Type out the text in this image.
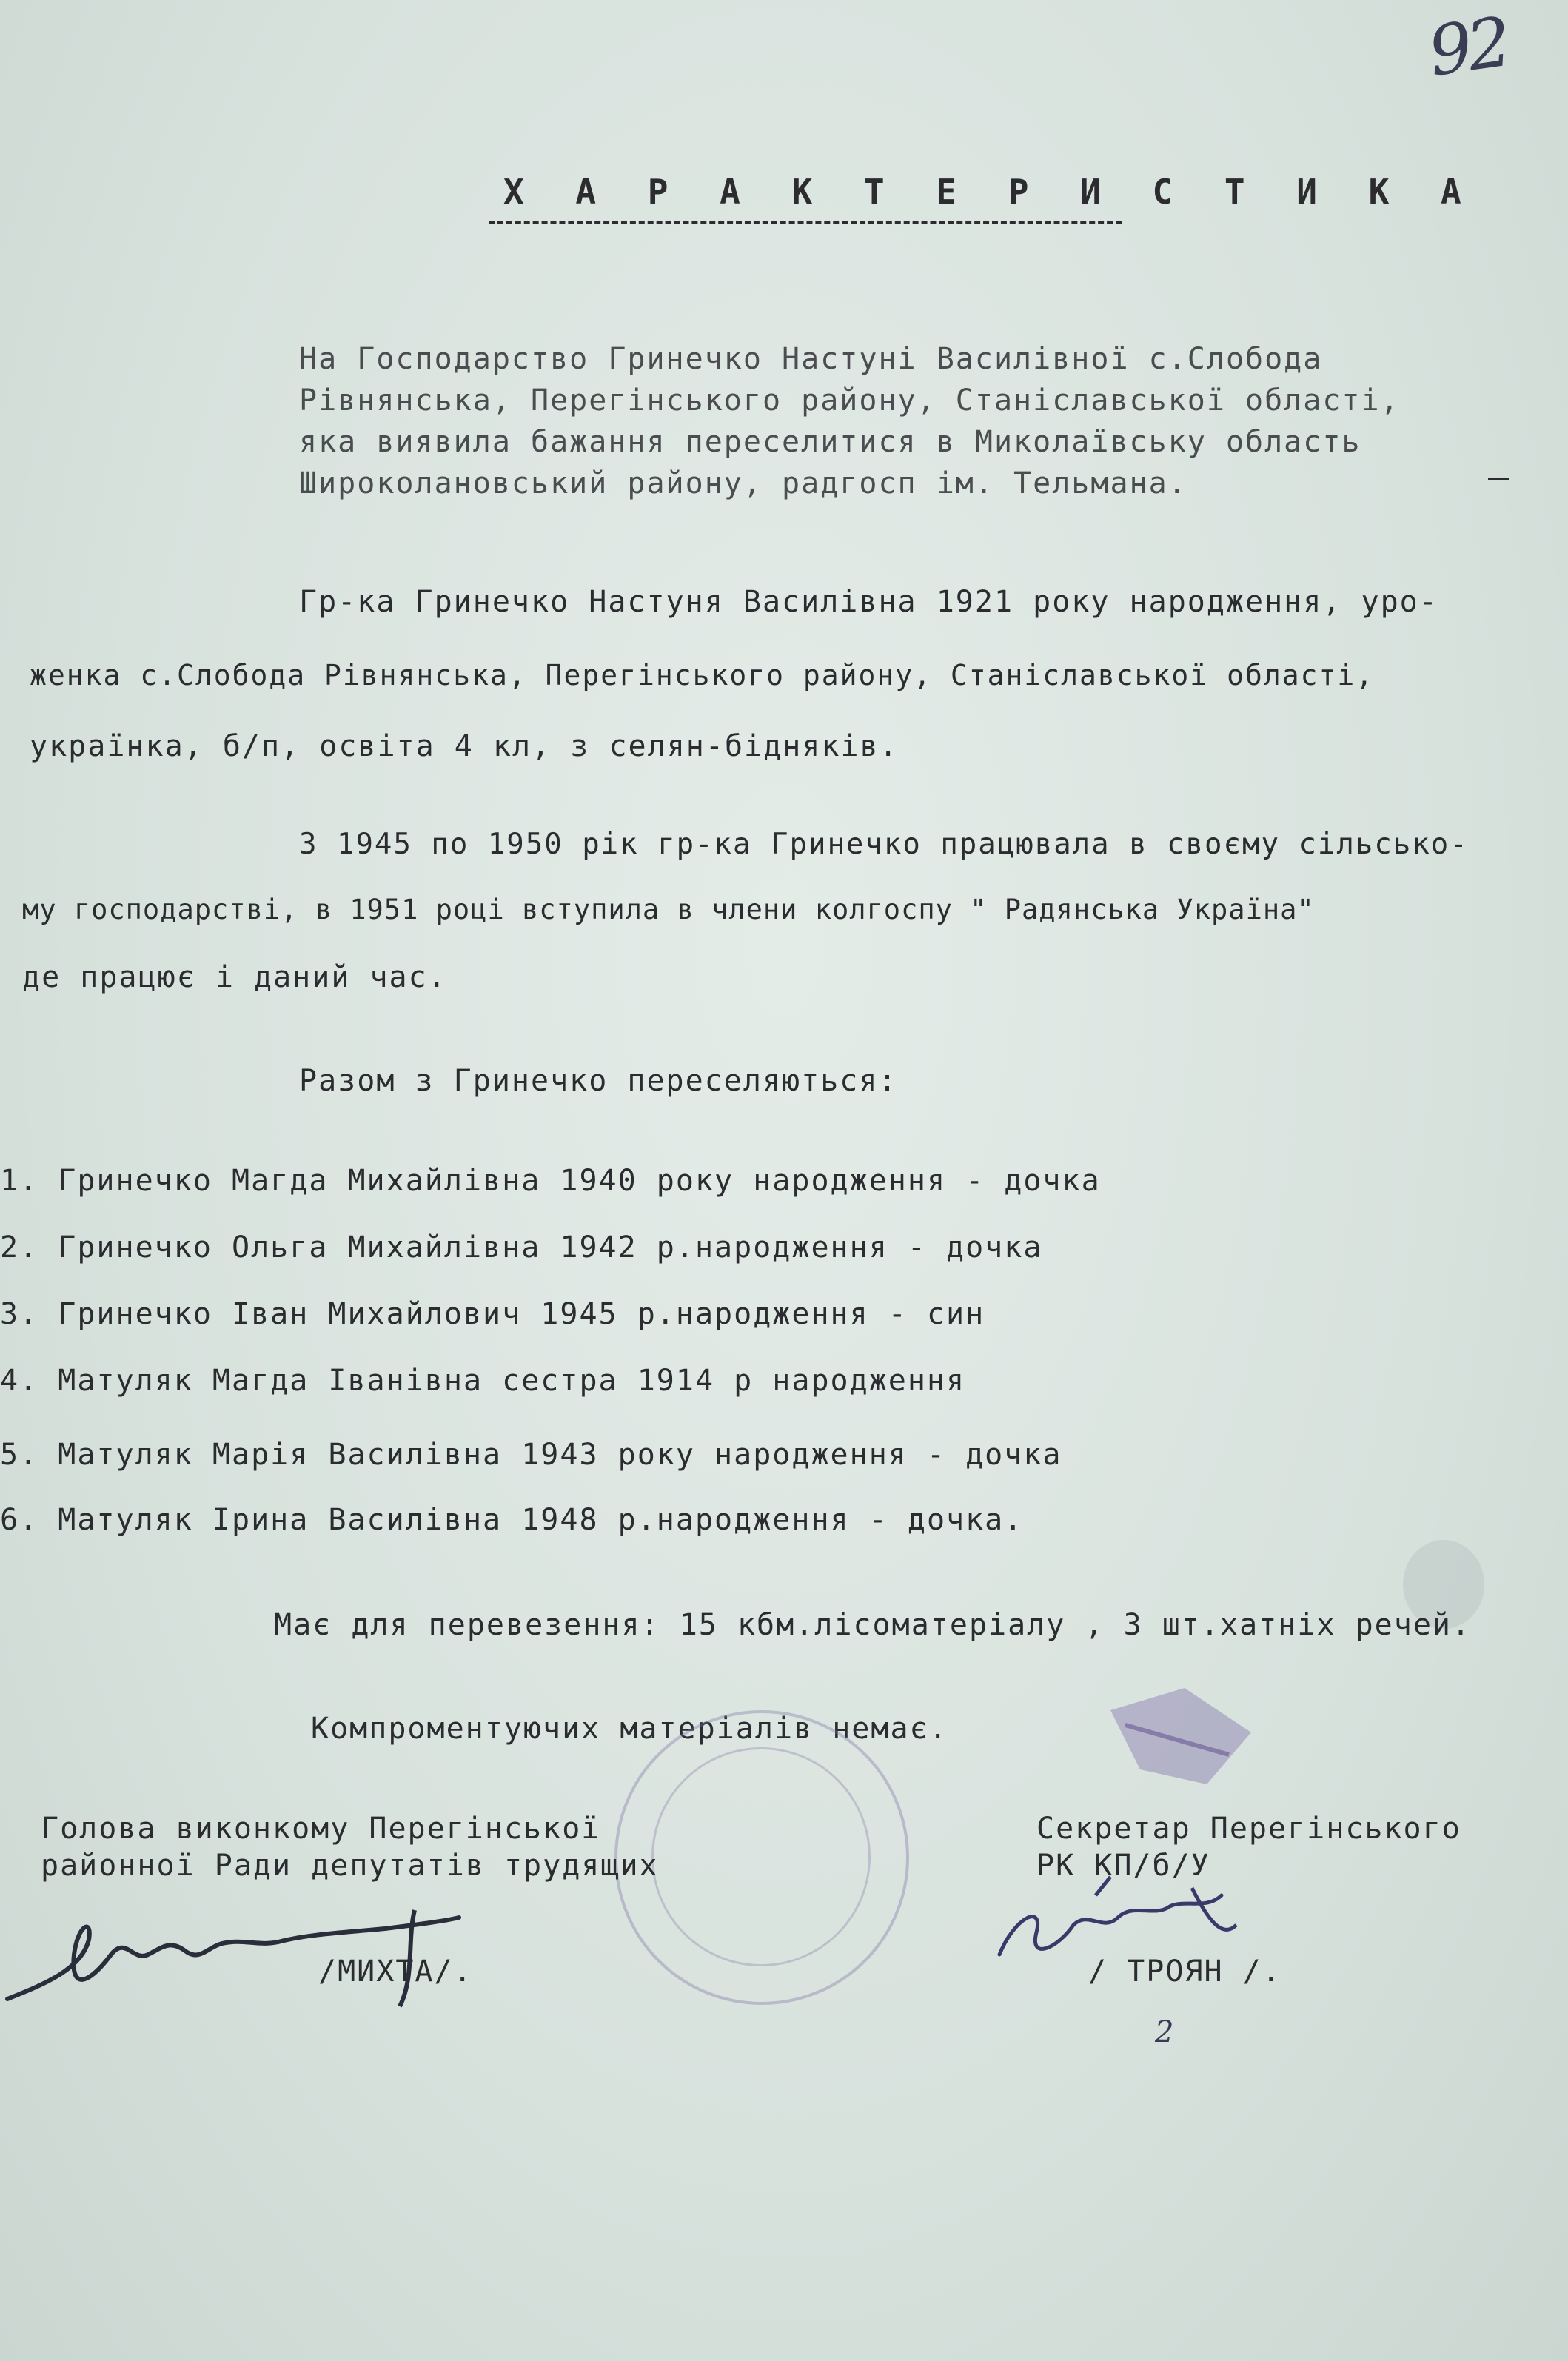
92
Х А Р А К Т Е Р И С Т И К А
На Господарство Гринечко Настуні Василівної с.Слобода
Рівнянська, Перегінського району, Станіславської області,
яка виявила бажання переселитися в Миколаївську область
Широколановський району, радгосп ім. Тельмана.
Гр-ка Гринечко Настуня Василівна 1921 року народження, уро-
женка с.Слобода Рівнянська, Перегінського району, Станіславської області,
українка, б/п, освіта 4 кл, з селян-бідняків.
З 1945 по 1950 рік гр-ка Гринечко працювала в своєму сільсько-
му господарстві, в 1951 році вступила в члени колгоспу " Радянська Україна"
де працює і даний час.
Разом з Гринечко переселяються:
1. Гринечко Магда Михайлівна 1940 року народження - дочка
2. Гринечко Ольга Михайлівна 1942 р.народження - дочка
3. Гринечко Іван Михайлович 1945 р.народження - син
4. Матуляк Магда Іванівна сестра 1914 р народження
5. Матуляк Марія Василівна 1943 року народження - дочка
6. Матуляк Ірина Василівна 1948 р.народження - дочка.
Має для перевезення: 15 кбм.лісоматеріалу , 3 шт.хатніх речей.
Компроментуючих матеріалів немає.
Голова виконкому Перегінської
районної Ради депутатів трудящих
/МИХТА/.
Секретар Перегінського
РК КП/б/У
/ ТРОЯН /.
2
